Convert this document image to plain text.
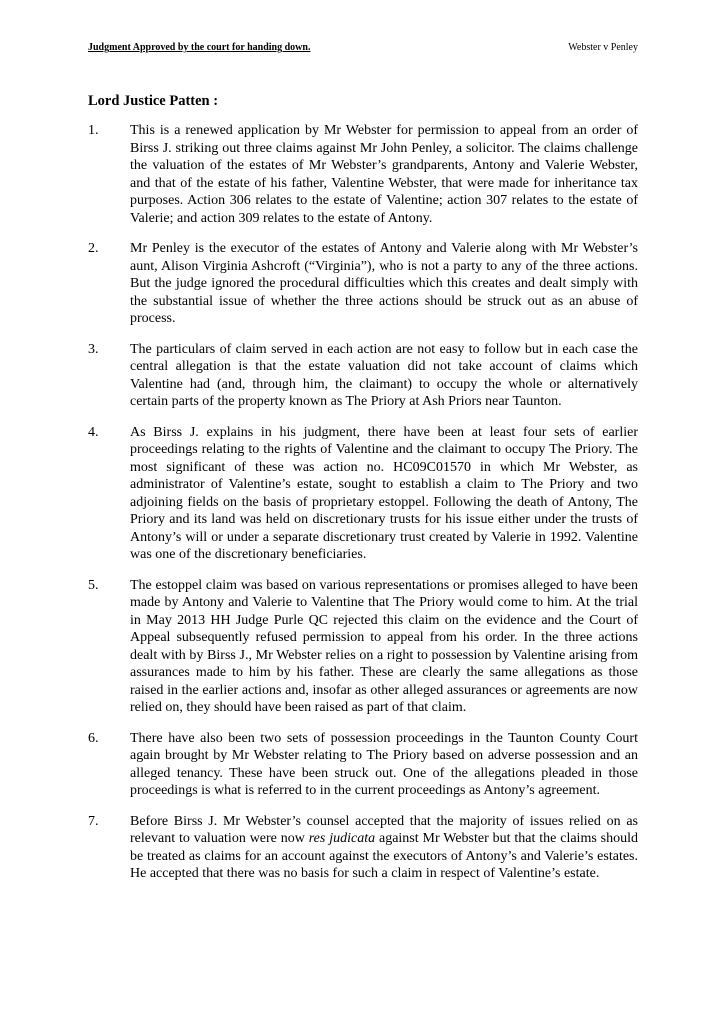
Judgment Approved by the court for handing down.	Webster v Penley
Lord Justice Patten :
1. This is a renewed application by Mr Webster for permission to appeal from an order of Birss J. striking out three claims against Mr John Penley, a solicitor. The claims challenge the valuation of the estates of Mr Webster’s grandparents, Antony and Valerie Webster, and that of the estate of his father, Valentine Webster, that were made for inheritance tax purposes. Action 306 relates to the estate of Valentine; action 307 relates to the estate of Valerie; and action 309 relates to the estate of Antony.
2. Mr Penley is the executor of the estates of Antony and Valerie along with Mr Webster’s aunt, Alison Virginia Ashcroft (“Virginia”), who is not a party to any of the three actions. But the judge ignored the procedural difficulties which this creates and dealt simply with the substantial issue of whether the three actions should be struck out as an abuse of process.
3. The particulars of claim served in each action are not easy to follow but in each case the central allegation is that the estate valuation did not take account of claims which Valentine had (and, through him, the claimant) to occupy the whole or alternatively certain parts of the property known as The Priory at Ash Priors near Taunton.
4. As Birss J. explains in his judgment, there have been at least four sets of earlier proceedings relating to the rights of Valentine and the claimant to occupy The Priory. The most significant of these was action no. HC09C01570 in which Mr Webster, as administrator of Valentine’s estate, sought to establish a claim to The Priory and two adjoining fields on the basis of proprietary estoppel. Following the death of Antony, The Priory and its land was held on discretionary trusts for his issue either under the trusts of Antony’s will or under a separate discretionary trust created by Valerie in 1992. Valentine was one of the discretionary beneficiaries.
5. The estoppel claim was based on various representations or promises alleged to have been made by Antony and Valerie to Valentine that The Priory would come to him. At the trial in May 2013 HH Judge Purle QC rejected this claim on the evidence and the Court of Appeal subsequently refused permission to appeal from his order. In the three actions dealt with by Birss J., Mr Webster relies on a right to possession by Valentine arising from assurances made to him by his father. These are clearly the same allegations as those raised in the earlier actions and, insofar as other alleged assurances or agreements are now relied on, they should have been raised as part of that claim.
6. There have also been two sets of possession proceedings in the Taunton County Court again brought by Mr Webster relating to The Priory based on adverse possession and an alleged tenancy. These have been struck out. One of the allegations pleaded in those proceedings is what is referred to in the current proceedings as Antony’s agreement.
7. Before Birss J. Mr Webster’s counsel accepted that the majority of issues relied on as relevant to valuation were now res judicata against Mr Webster but that the claims should be treated as claims for an account against the executors of Antony’s and Valerie’s estates. He accepted that there was no basis for such a claim in respect of Valentine’s estate.
